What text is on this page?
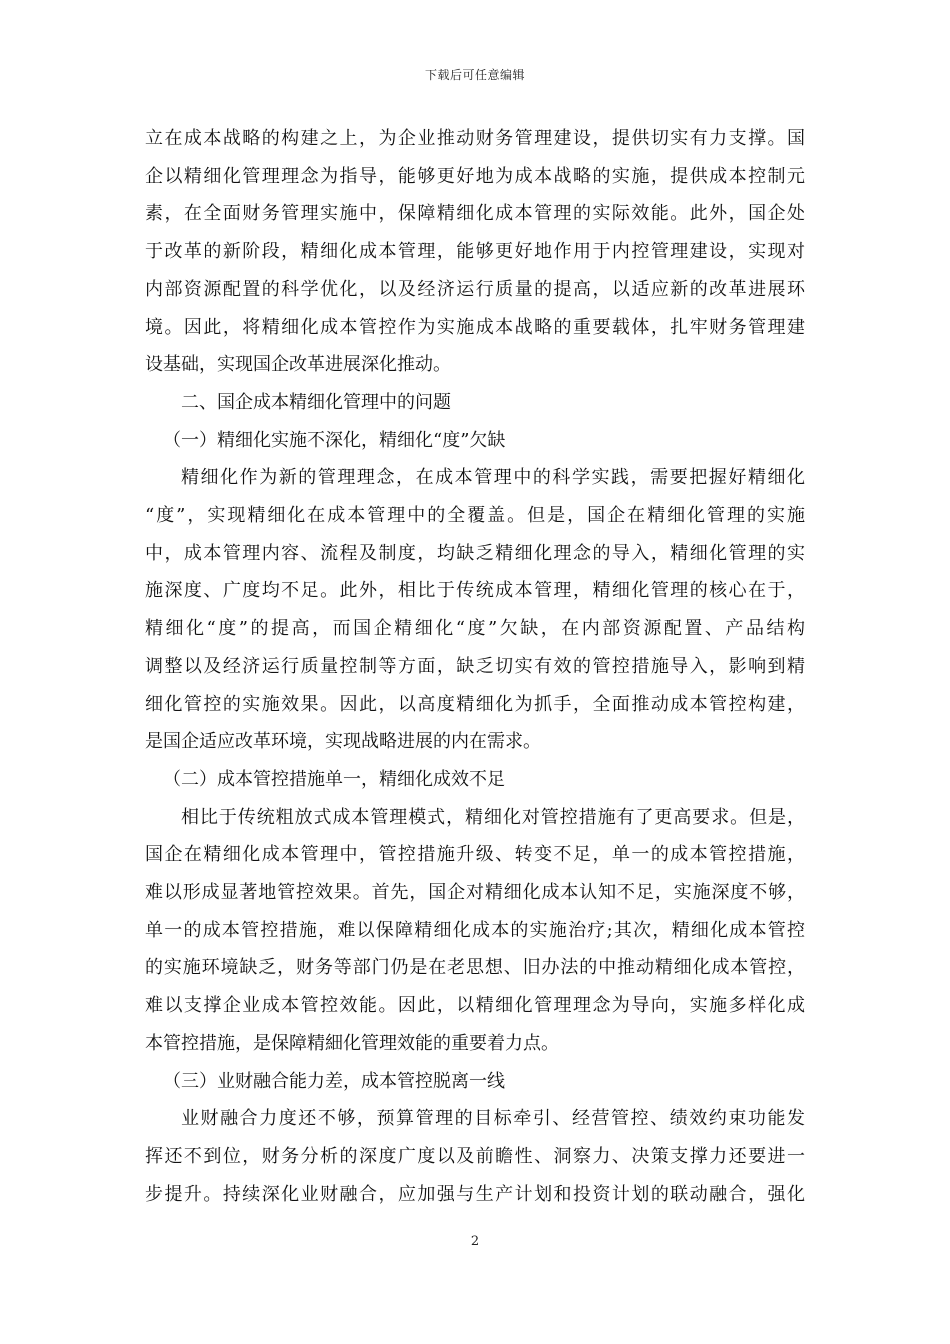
下载后可任意编辑
立在成本战略的构建之上，为企业推动财务管理建设，提供切实有力支撑。国
企以精细化管理理念为指导，能够更好地为成本战略的实施，提供成本控制元
素，在全面财务管理实施中，保障精细化成本管理的实际效能。此外，国企处
于改革的新阶段，精细化成本管理，能够更好地作用于内控管理建设，实现对
内部资源配置的科学优化，以及经济运行质量的提高，以适应新的改革进展环
境。因此，将精细化成本管控作为实施成本战略的重要载体，扎牢财务管理建
设基础，实现国企改革进展深化推动。
二、国企成本精细化管理中的问题
（一）精细化实施不深化，精细化“度”欠缺
精细化作为新的管理理念，在成本管理中的科学实践，需要把握好精细化
“度”，实现精细化在成本管理中的全覆盖。但是，国企在精细化管理的实施
中，成本管理内容、流程及制度，均缺乏精细化理念的导入，精细化管理的实
施深度、广度均不足。此外，相比于传统成本管理，精细化管理的核心在于，
精细化“度”的提高，而国企精细化“度”欠缺，在内部资源配置、产品结构
调整以及经济运行质量控制等方面，缺乏切实有效的管控措施导入，影响到精
细化管控的实施效果。因此，以高度精细化为抓手，全面推动成本管控构建，
是国企适应改革环境，实现战略进展的内在需求。
（二）成本管控措施单一，精细化成效不足
相比于传统粗放式成本管理模式，精细化对管控措施有了更高要求。但是，
国企在精细化成本管理中，管控措施升级、转变不足，单一的成本管控措施，
难以形成显著地管控效果。首先，国企对精细化成本认知不足，实施深度不够，
单一的成本管控措施，难以保障精细化成本的实施治疗;其次，精细化成本管控
的实施环境缺乏，财务等部门仍是在老思想、旧办法的中推动精细化成本管控，
难以支撑企业成本管控效能。因此，以精细化管理理念为导向，实施多样化成
本管控措施，是保障精細化管理效能的重要着力点。
（三）业财融合能力差，成本管控脱离一线
业财融合力度还不够，预算管理的目标牵引、经营管控、绩效约束功能发
挥还不到位，财务分析的深度广度以及前瞻性、洞察力、决策支撑力还要进一
步提升。持续深化业财融合，应加强与生产计划和投资计划的联动融合，强化
2
